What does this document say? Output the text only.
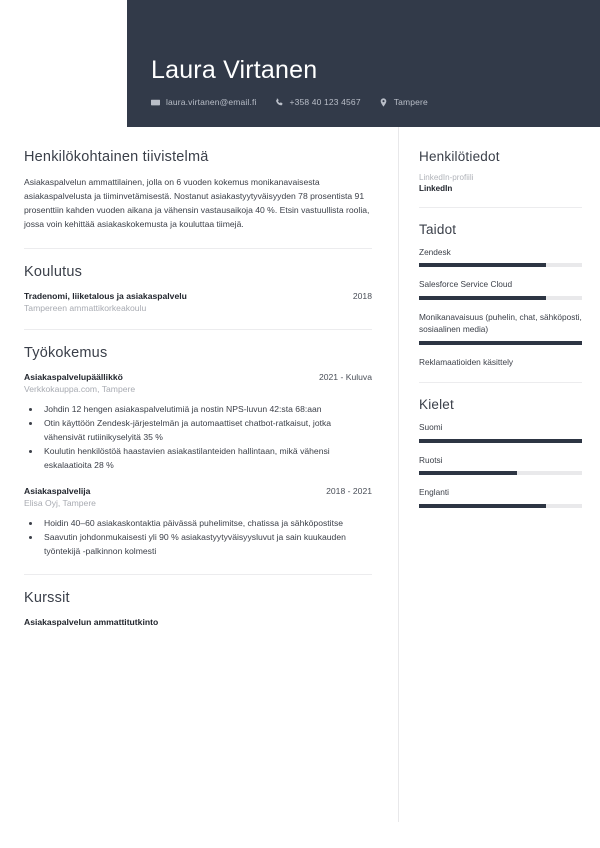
Laura Virtanen
laura.virtanen@email.fi	+358 40 123 4567	Tampere
Henkilökohtainen tiivistelmä

Asiakaspalvelun ammattilainen, jolla on 6 vuoden kokemus monikanavaisesta asiakaspalvelusta ja tiiminvetämisestä. Nostanut asiakastyytyväisyyden 78 prosentista 91 prosenttiin kahden vuoden aikana ja vähensin vastausaikoja 40 %. Etsin vastuullista roolia, jossa voin kehittää asiakaskokemusta ja kouluttaa tiimejä.

Koulutus
Tradenomi, liiketalous ja asiakaspalvelu	2018
Tampereen ammattikorkeakoulu
Työkokemus
Asiakaspalvelupäällikkö	2021 - Kuluva
Verkkokauppa.com, Tampere
• Johdin 12 hengen asiakaspalvelutimiä ja nostin NPS-luvun 42:sta 68:aan
• Otin käyttöön Zendesk-järjestelmän ja automaattiset chatbot-ratkaisut, jotka vähensivät rutiinikyselyitä 35 %
• Koulutin henkilöstöä haastavien asiakastilanteiden hallintaan, mikä vähensi eskalaatioita 28 %
Asiakaspalvelija	2018 - 2021
Elisa Oyj, Tampere
• Hoidin 40–60 asiakaskontaktia päivässä puhelimitse, chatissa ja sähköpostitse
• Saavutin johdonmukaisesti yli 90 % asiakastyytyväisyysluvut ja sain kuukauden työntekijä -palkinnon kolmesti
Kurssit
Asiakaspalvelun ammattitutkinto
Henkilötiedot
LinkedIn-profiili
LinkedIn
Taidot
Zendesk
Salesforce Service Cloud
Monikanavaisuus (puhelin, chat, sähköposti, sosiaalinen media)
Reklamaatioiden käsittely
Kielet
Suomi
Ruotsi
Englanti
